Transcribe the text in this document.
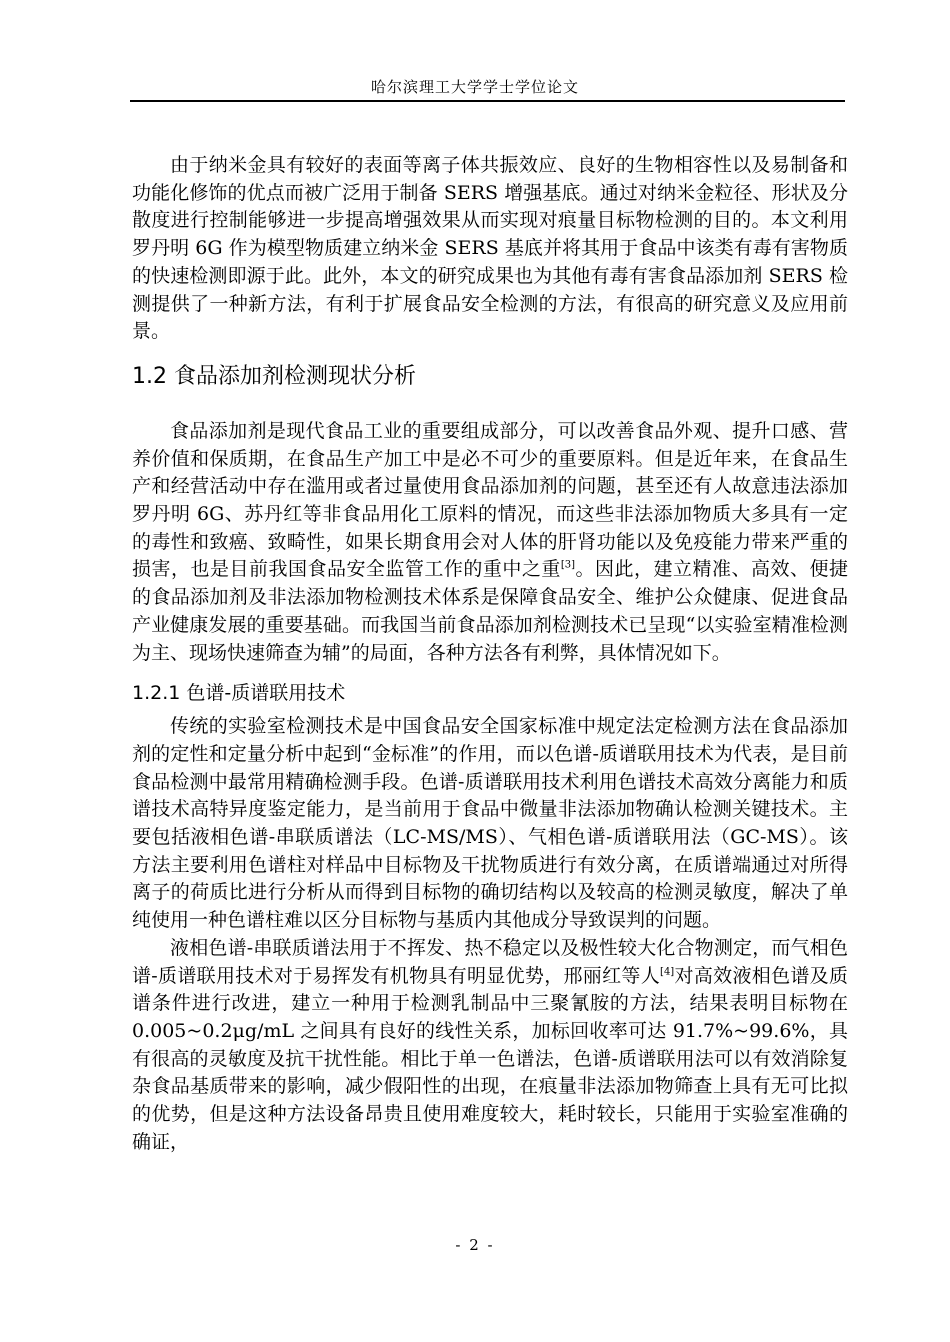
哈尔滨理工大学学士学位论文

由于纳米金具有较好的表面等离子体共振效应、良好的生物相容性以及易制备和功能化修饰的优点而被广泛用于制备 SERS 增强基底。通过对纳米金粒径、形状及分散度进行控制能够进一步提高增强效果从而实现对痕量目标物检测的目的。本文利用罗丹明 6G 作为模型物质建立纳米金 SERS 基底并将其用于食品中该类有毒有害物质的快速检测即源于此。此外，本文的研究成果也为其他有毒有害食品添加剂 SERS 检测提供了一种新方法，有利于扩展食品安全检测的方法，有很高的研究意义及应用前景。

1.2 食品添加剂检测现状分析

食品添加剂是现代食品工业的重要组成部分，可以改善食品外观、提升口感、营养价值和保质期，在食品生产加工中是必不可少的重要原料。但是近年来，在食品生产和经营活动中存在滥用或者过量使用食品添加剂的问题，甚至还有人故意违法添加罗丹明 6G、苏丹红等非食品用化工原料的情况，而这些非法添加物质大多具有一定的毒性和致癌、致畸性，如果长期食用会对人体的肝肾功能以及免疫能力带来严重的损害，也是目前我国食品安全监管工作的重中之重[3]。因此，建立精准、高效、便捷的食品添加剂及非法添加物检测技术体系是保障食品安全、维护公众健康、促进食品产业健康发展的重要基础。而我国当前食品添加剂检测技术已呈现“以实验室精准检测为主、现场快速筛查为辅”的局面，各种方法各有利弊，具体情况如下。

1.2.1 色谱-质谱联用技术

传统的实验室检测技术是中国食品安全国家标准中规定法定检测方法在食品添加剂的定性和定量分析中起到“金标准”的作用，而以色谱-质谱联用技术为代表，是目前食品检测中最常用精确检测手段。色谱-质谱联用技术利用色谱技术高效分离能力和质谱技术高特异度鉴定能力，是当前用于食品中微量非法添加物确认检测关键技术。主要包括液相色谱-串联质谱法（LC-MS/MS）、气相色谱-质谱联用法（GC-MS）。该方法主要利用色谱柱对样品中目标物及干扰物质进行有效分离，在质谱端通过对所得离子的荷质比进行分析从而得到目标物的确切结构以及较高的检测灵敏度，解决了单纯使用一种色谱柱难以区分目标物与基质内其他成分导致误判的问题。

液相色谱-串联质谱法用于不挥发、热不稳定以及极性较大化合物测定，而气相色谱-质谱联用技术对于易挥发有机物具有明显优势，邢丽红等人[4]对高效液相色谱及质谱条件进行改进，建立一种用于检测乳制品中三聚氰胺的方法，结果表明目标物在 0.005~0.2μg/mL 之间具有良好的线性关系，加标回收率可达 91.7%~99.6%，具有很高的灵敏度及抗干扰性能。相比于单一色谱法，色谱-质谱联用法可以有效消除复杂食品基质带来的影响，减少假阳性的出现，在痕量非法添加物筛查上具有无可比拟的优势，但是这种方法设备昂贵且使用难度较大，耗时较长，只能用于实验室准确的确证，

- 2 -
